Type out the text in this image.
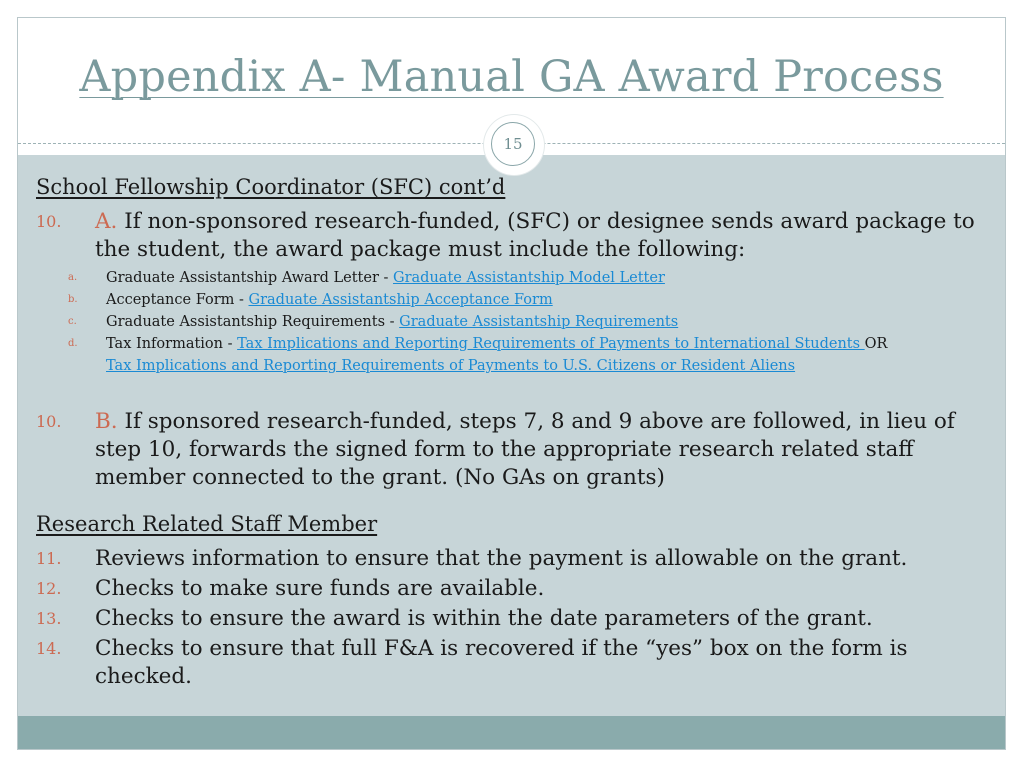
Appendix A- Manual GA Award Process
School Fellowship Coordinator (SFC) cont’d
10.	A. If non-sponsored research-funded, (SFC) or designee sends award package to the student, the award package must include the following:
a. Graduate Assistantship Award Letter - Graduate Assistantship Model Letter
b. Acceptance Form - Graduate Assistantship Acceptance Form
c. Graduate Assistantship Requirements - Graduate Assistantship Requirements
d. Tax Information - Tax Implications and Reporting Requirements of Payments to International Students OR
Tax Implications and Reporting Requirements of Payments to U.S. Citizens or Resident Aliens
10.	B. If sponsored research-funded, steps 7, 8 and 9 above are followed, in lieu of step 10, forwards the signed form to the appropriate research related staff member connected to the grant. (No GAs on grants)
Research Related Staff Member
11.	Reviews information to ensure that the payment is allowable on the grant.
12.	Checks to make sure funds are available.
13.	Checks to ensure the award is within the date parameters of the grant.
14.	Checks to ensure that full F&A is recovered if the “yes” box on the form is checked.
15
